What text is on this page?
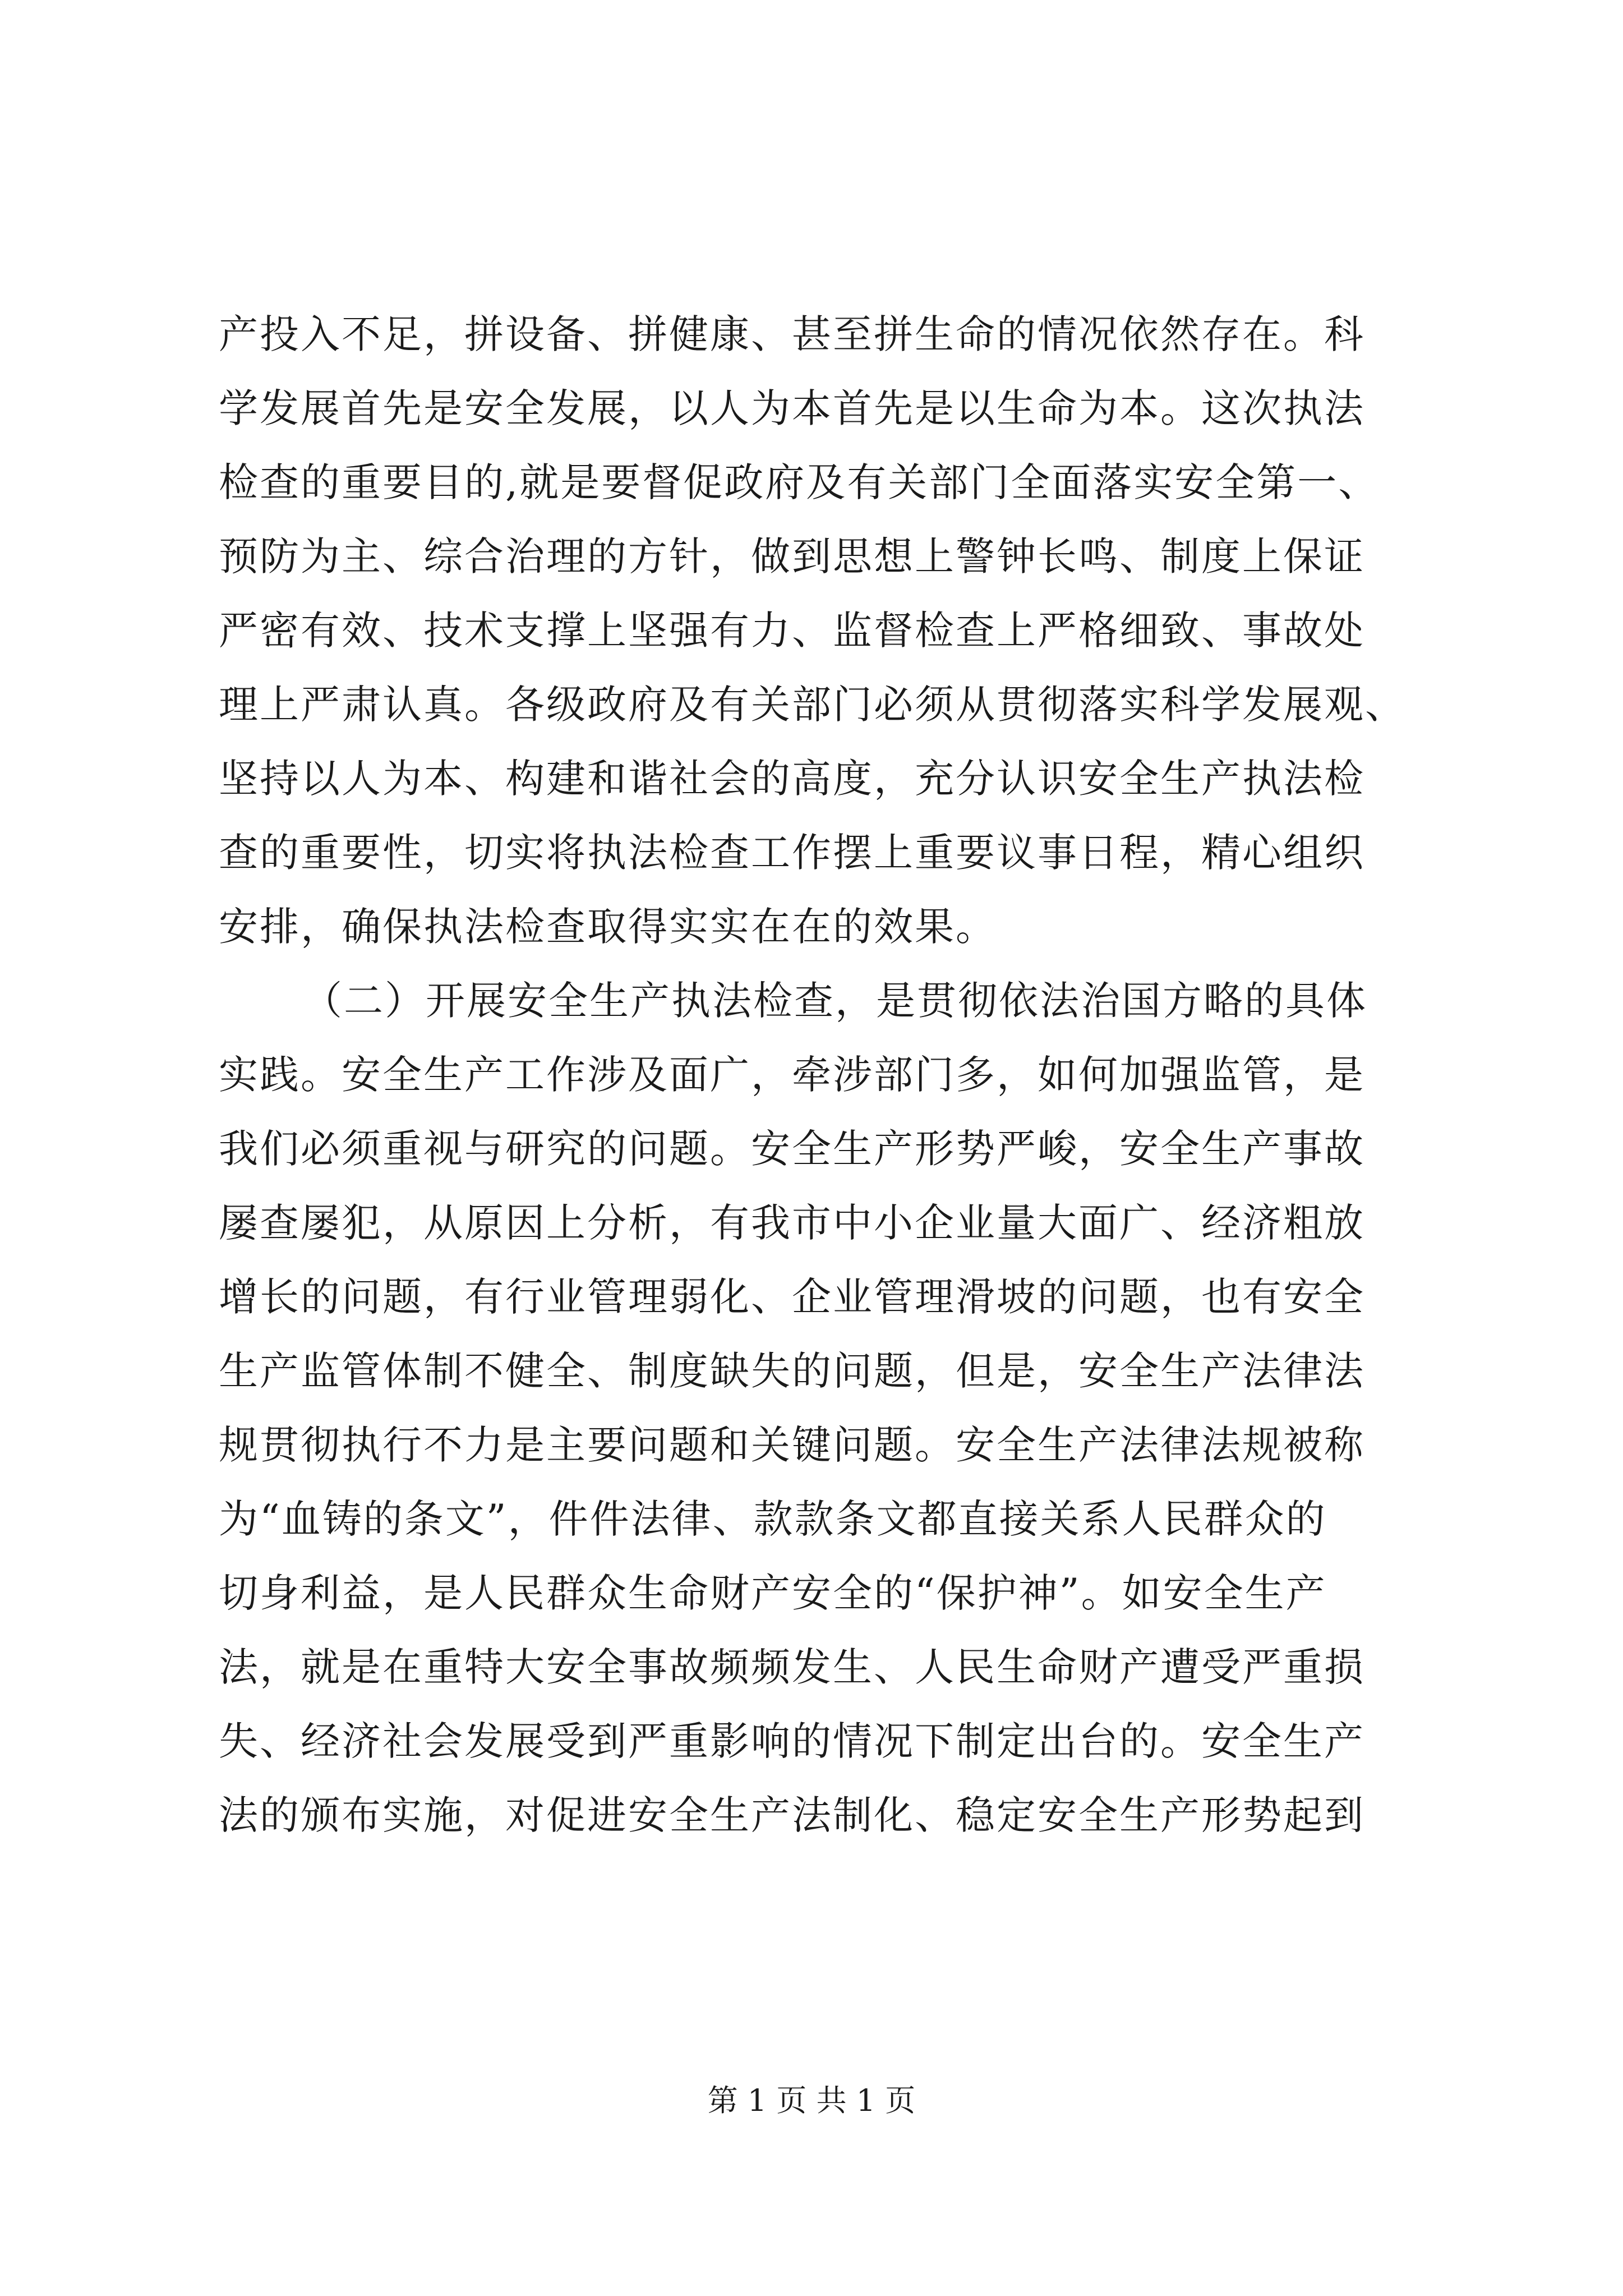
产投入不足，拼设备、拼健康、甚至拼生命的情况依然存在。科
学发展首先是安全发展，以人为本首先是以生命为本。这次执法
检查的重要目的,就是要督促政府及有关部门全面落实安全第一、
预防为主、综合治理的方针，做到思想上警钟长鸣、制度上保证
严密有效、技术支撑上坚强有力、监督检查上严格细致、事故处
理上严肃认真。各级政府及有关部门必须从贯彻落实科学发展观、
坚持以人为本、构建和谐社会的高度，充分认识安全生产执法检
查的重要性，切实将执法检查工作摆上重要议事日程，精心组织
安排，确保执法检查取得实实在在的效果。
（二）开展安全生产执法检查，是贯彻依法治国方略的具体
实践。安全生产工作涉及面广，牵涉部门多，如何加强监管，是
我们必须重视与研究的问题。安全生产形势严峻，安全生产事故
屡查屡犯，从原因上分析，有我市中小企业量大面广、经济粗放
增长的问题，有行业管理弱化、企业管理滑坡的问题，也有安全
生产监管体制不健全、制度缺失的问题，但是，安全生产法律法
规贯彻执行不力是主要问题和关键问题。安全生产法律法规被称
为“血铸的条文”，件件法律、款款条文都直接关系人民群众的
切身利益，是人民群众生命财产安全的“保护神”。如安全生产
法，就是在重特大安全事故频频发生、人民生命财产遭受严重损
失、经济社会发展受到严重影响的情况下制定出台的。安全生产
法的颁布实施，对促进安全生产法制化、稳定安全生产形势起到
第 1 页 共 1 页
